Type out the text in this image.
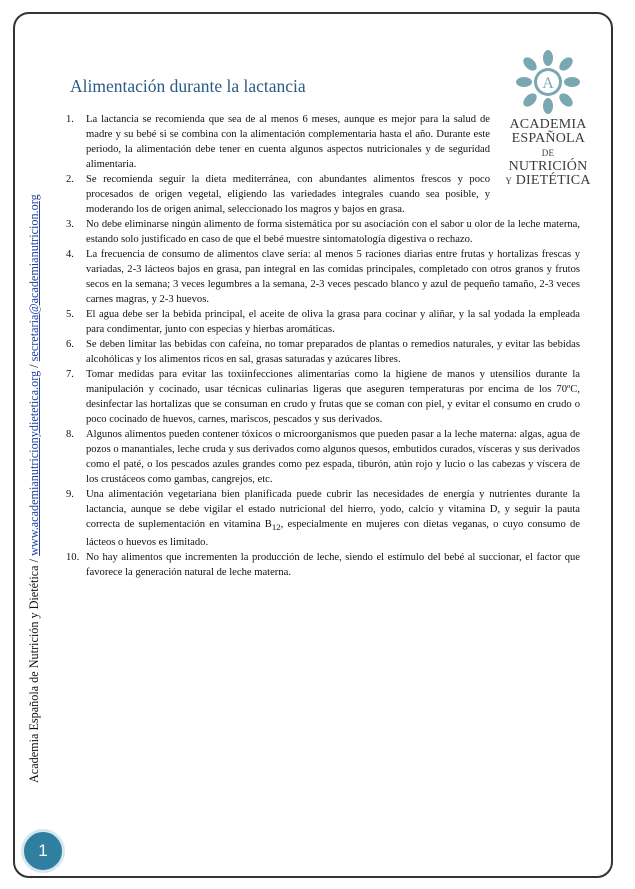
Academia Española de Nutrición y Dietética / www.academianutricionydietetica.org / secretaria@academianutricion.org
Alimentación durante la lactancia	A
ACADEMIA
ESPAÑOLA DE
NUTRICIÓN
Y DIETÉTICA
1. La lactancia se recomienda que sea de al menos 6 meses, aunque es mejor para la salud de madre y su bebé si se combina con la alimentación complementaria hasta el año. Durante este periodo, la alimentación debe tener en cuenta algunos aspectos nutricionales y de seguridad alimentaria.
2. Se recomienda seguir la dieta mediterránea, con abundantes alimentos frescos y poco procesados de origen vegetal, eligiendo las variedades integrales cuando sea posible, y moderando los de origen animal, seleccionado los magros y bajos en grasa.
3. No debe eliminarse ningún alimento de forma sistemática por su asociación con el sabor u olor de la leche materna, estando solo justificado en caso de que el bebé muestre sintomatología digestiva o rechazo.
4. La frecuencia de consumo de alimentos clave sería: al menos 5 raciones diarias entre frutas y hortalizas frescas y variadas, 2-3 lácteos bajos en grasa, pan integral en las comidas principales, completado con otros granos y frutos secos en la semana; 3 veces legumbres a la semana, 2-3 veces pescado blanco y azul de pequeño tamaño, 2-3 veces carnes magras, y 2-3 huevos.
5. El agua debe ser la bebida principal, el aceite de oliva la grasa para cocinar y aliñar, y la sal yodada la empleada para condimentar, junto con especias y hierbas aromáticas.
6. Se deben limitar las bebidas con cafeína, no tomar preparados de plantas o remedios naturales, y evitar las bebidas alcohólicas y los alimentos ricos en sal, grasas saturadas y azúcares libres.
7. Tomar medidas para evitar las toxiinfecciones alimentarias como la higiene de manos y utensilios durante la manipulación y cocinado, usar técnicas culinarias ligeras que aseguren temperaturas por encima de los 70ºC, desinfectar las hortalizas que se consuman en crudo y frutas que se coman con piel, y evitar el consumo en crudo o poco cocinado de huevos, carnes, mariscos, pescados y sus derivados.
8. Algunos alimentos pueden contener tóxicos o microorganismos que pueden pasar a la leche materna: algas, agua de pozos o manantiales, leche cruda y sus derivados como algunos quesos, embutidos curados, vísceras y sus derivados como el paté, o los pescados azules grandes como pez espada, tiburón, atún rojo y lucio o las cabezas y víscera de los crustáceos como gambas, cangrejos, etc.
9. Una alimentación vegetariana bien planificada puede cubrir las necesidades de energía y nutrientes durante la lactancia, aunque se debe vigilar el estado nutricional del hierro, yodo, calcio y vitamina D, y seguir la pauta correcta de suplementación en vitamina $B_{12}$, especialmente en mujeres con dietas veganas, o cuyo consumo de lácteos o huevos es limitado.
10. No hay alimentos que incrementen la producción de leche, siendo el estímulo del bebé al succionar, el factor que favorece la generación natural de leche materna.
1
